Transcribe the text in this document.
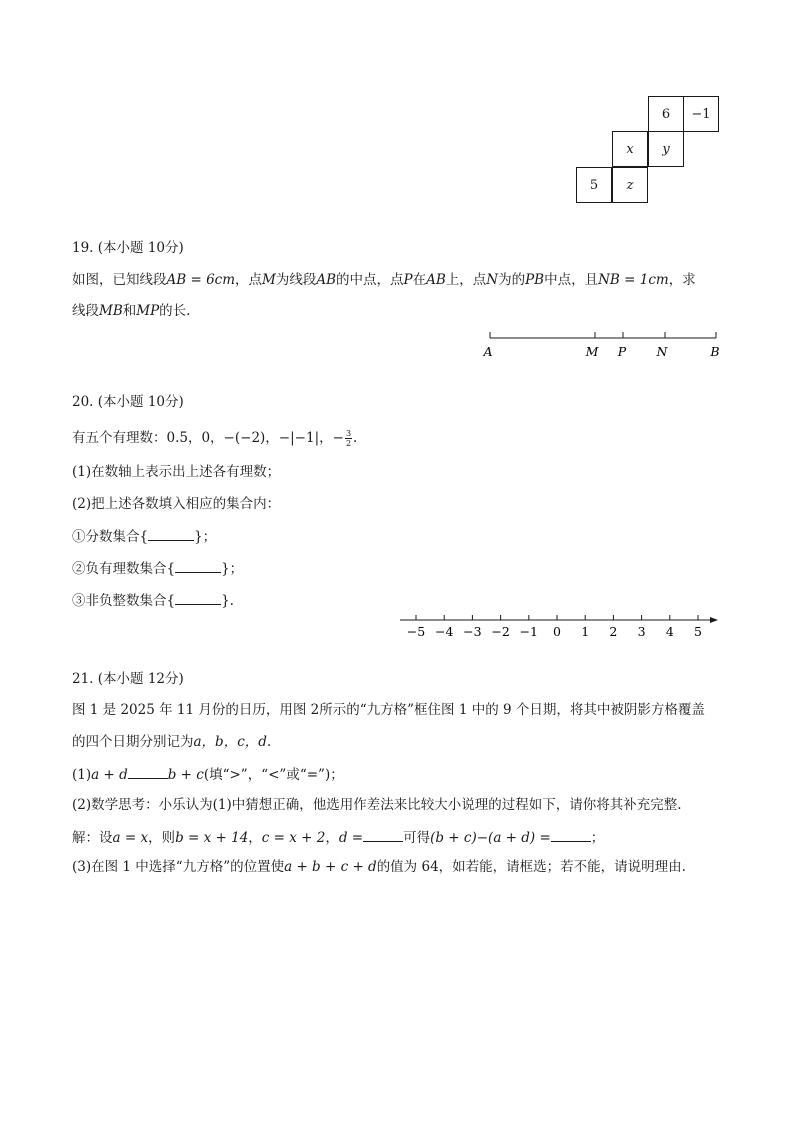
6 −1
x y
5 z
19. (本小题 10分)
如图，已知线段AB = 6cm，点M为线段AB的中点，点P在AB上，点N为的PB中点，且NB = 1cm，求
线段MB和MP的长.
A	M P N	B
20. (本小题 10分)
有五个有理数：0.5，0，−(−2)，−|−1|，− $\frac{3}{2}$ .
(1)在数轴上表示出上述各有理数；
(2)把上述各数填入相应的集合内：
①分数集合{	}；
②负有理数集合{	}；
③非负整数集合{	}.
−5 −4 −3 −2 −1 0 1 2 3 4 5
21. (本小题 12分)
图 1 是 2025 年 11 月份的日历，用图 2所示的“九方格”框住图 1 中的 9 个日期，将其中被阴影方格覆盖
的四个日期分别记为a，b，c，d.
(1)a + d	b + c(填“>”，“<”或“=”)；
(2)数学思考：小乐认为(1)中猜想正确，他选用作差法来比较大小说理的过程如下，请你将其补充完整.
解：设a = x，则b = x + 14，c = x + 2，d =	可得(b + c)−(a + d) =	；
(3)在图 1 中选择“九方格”的位置使a + b + c + d的值为 64，如若能，请框选；若不能，请说明理由.
